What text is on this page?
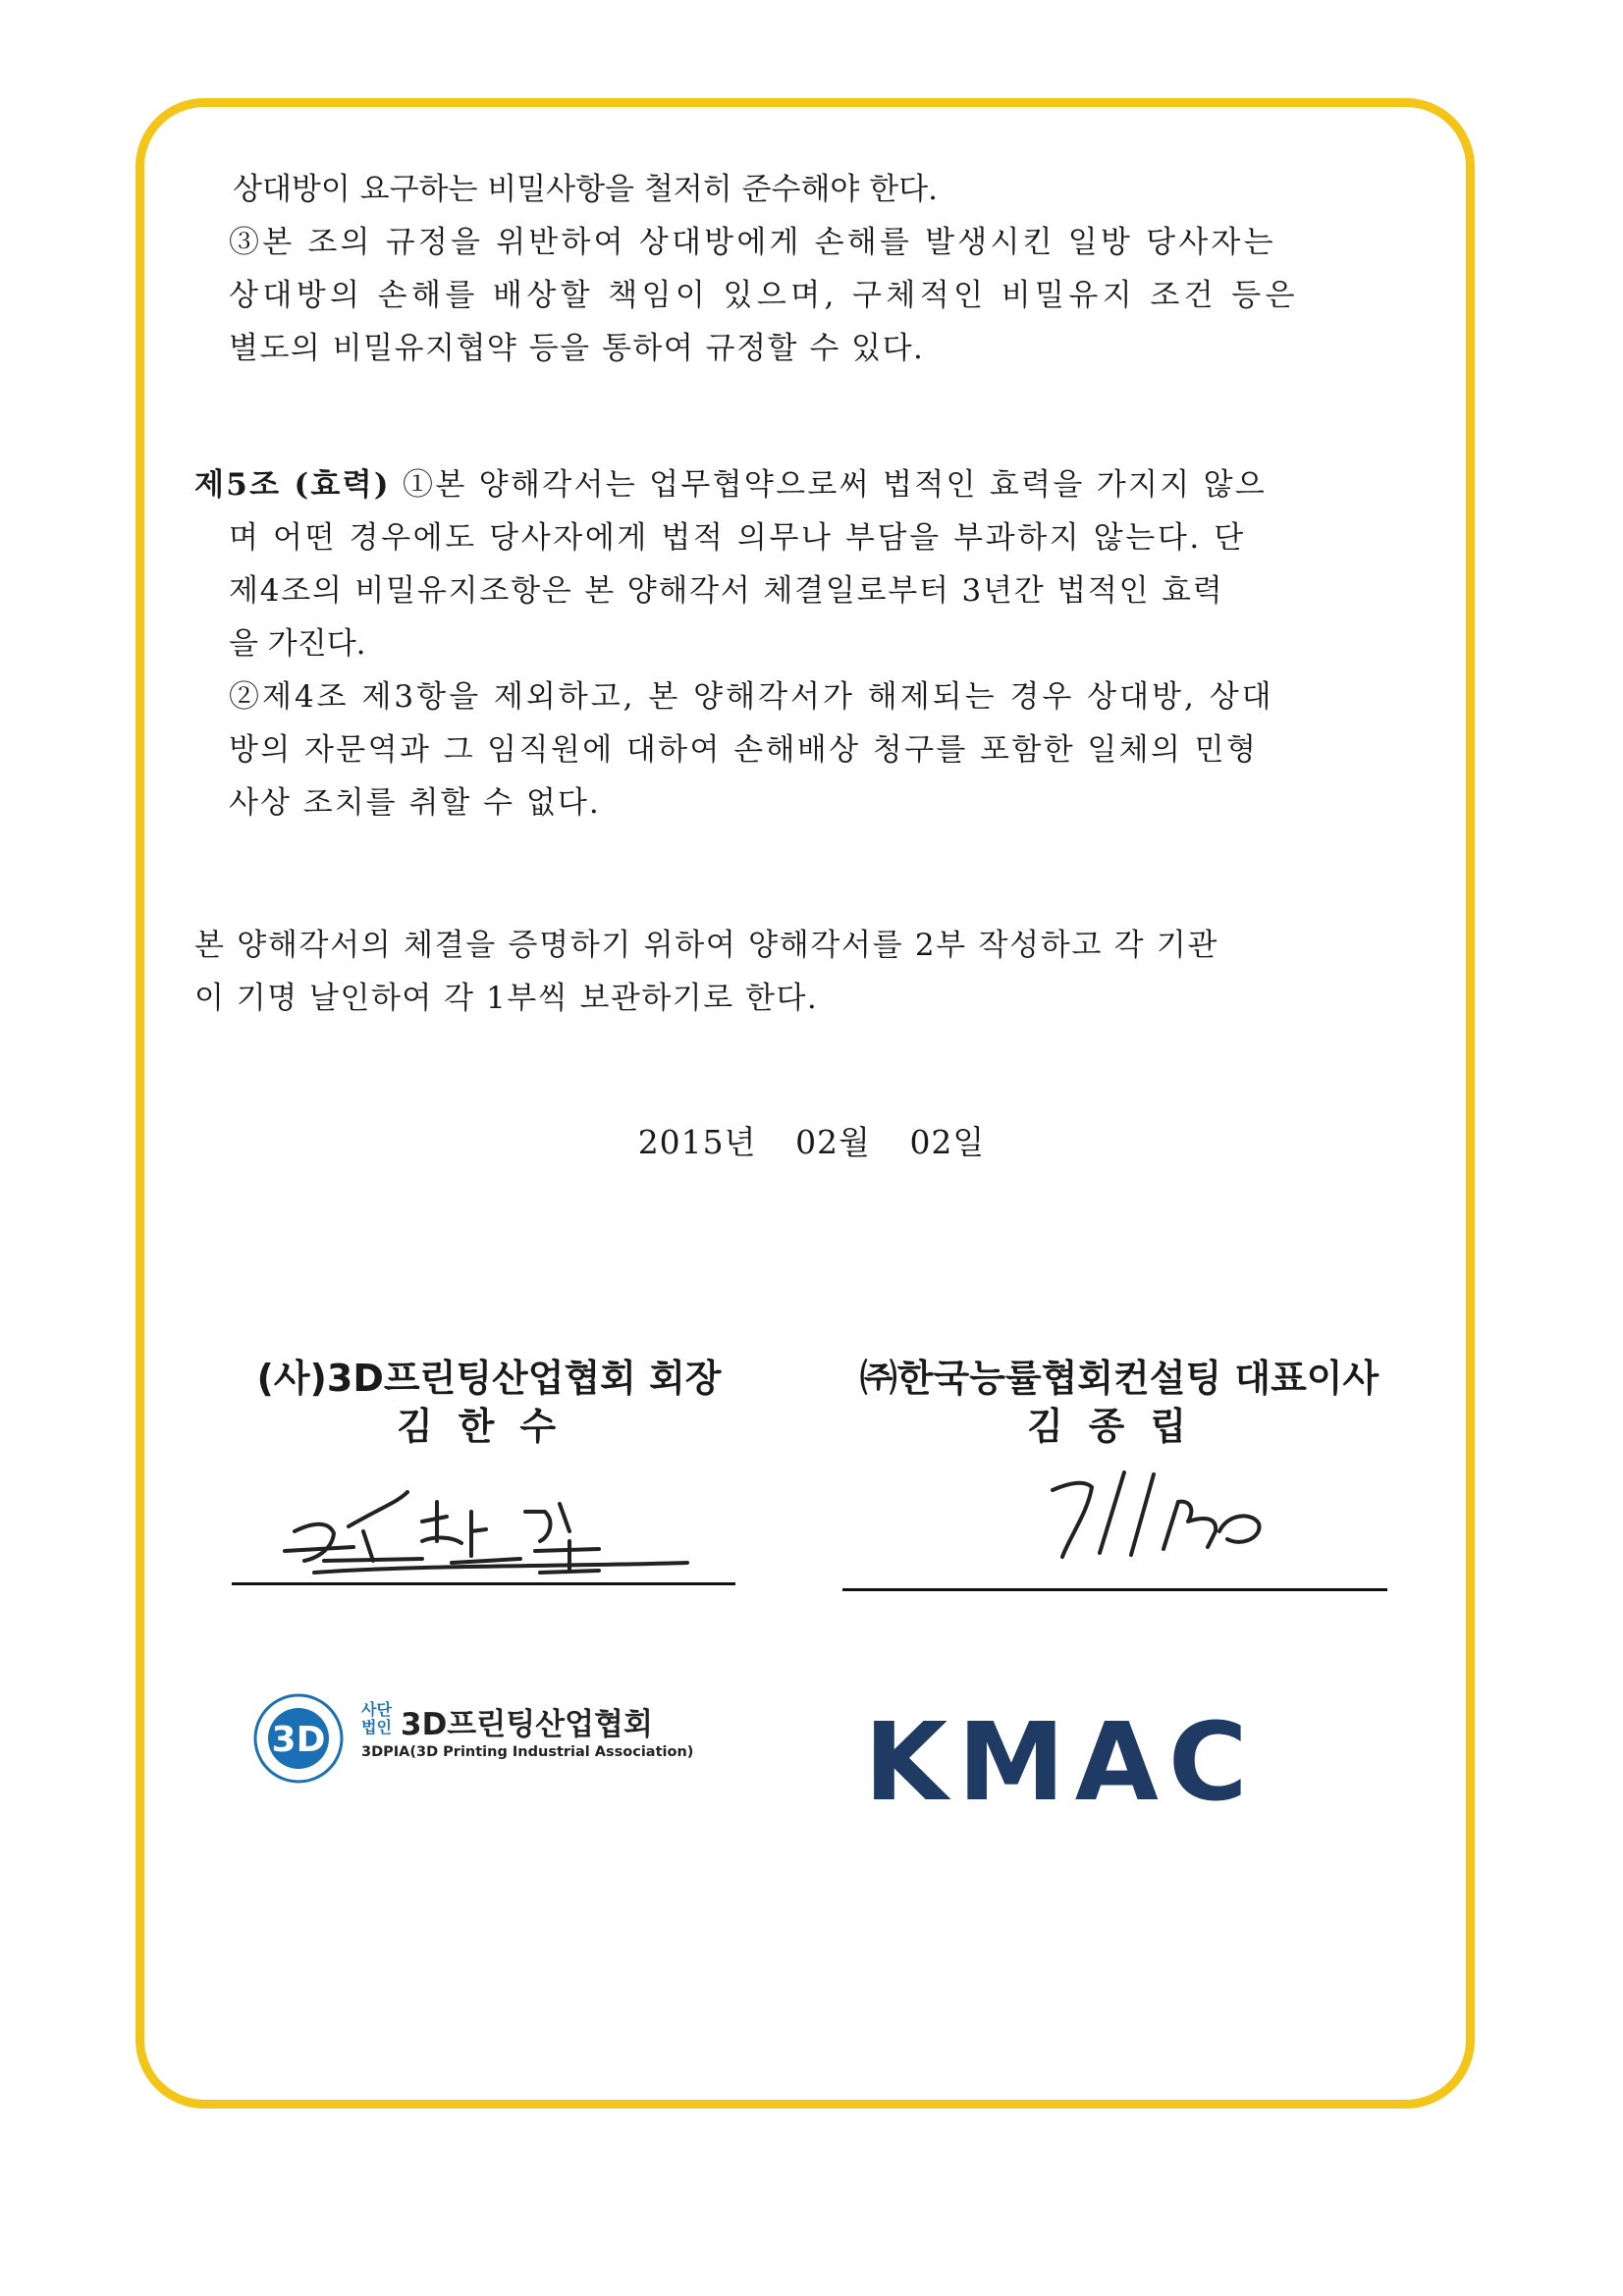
상대방이 요구하는 비밀사항을 철저히 준수해야 한다.
③본 조의 규정을 위반하여 상대방에게 손해를 발생시킨 일방 당사자는
상대방의 손해를 배상할 책임이 있으며, 구체적인 비밀유지 조건 등은
별도의 비밀유지협약 등을 통하여 규정할 수 있다.
제5조 (효력) ①본 양해각서는 업무협약으로써 법적인 효력을 가지지 않으
며 어떤 경우에도 당사자에게 법적 의무나 부담을 부과하지 않는다. 단
제4조의 비밀유지조항은 본 양해각서 체결일로부터 3년간 법적인 효력
을 가진다.
②제4조 제3항을 제외하고, 본 양해각서가 해제되는 경우 상대방, 상대
방의 자문역과 그 임직원에 대하여 손해배상 청구를 포함한 일체의 민형
사상 조치를 취할 수 없다.
본 양해각서의 체결을 증명하기 위하여 양해각서를 2부 작성하고 각 기관
이 기명 날인하여 각 1부씩 보관하기로 한다.
2015년 02월 02일
(사)3D프린팅산업협회 회장
김한수
㈜한국능률협회컨설팅 대표이사
김종립
3D
사단
법인 3D프린팅산업협회
3DPIA(3D Printing Industrial Association) KMAC
